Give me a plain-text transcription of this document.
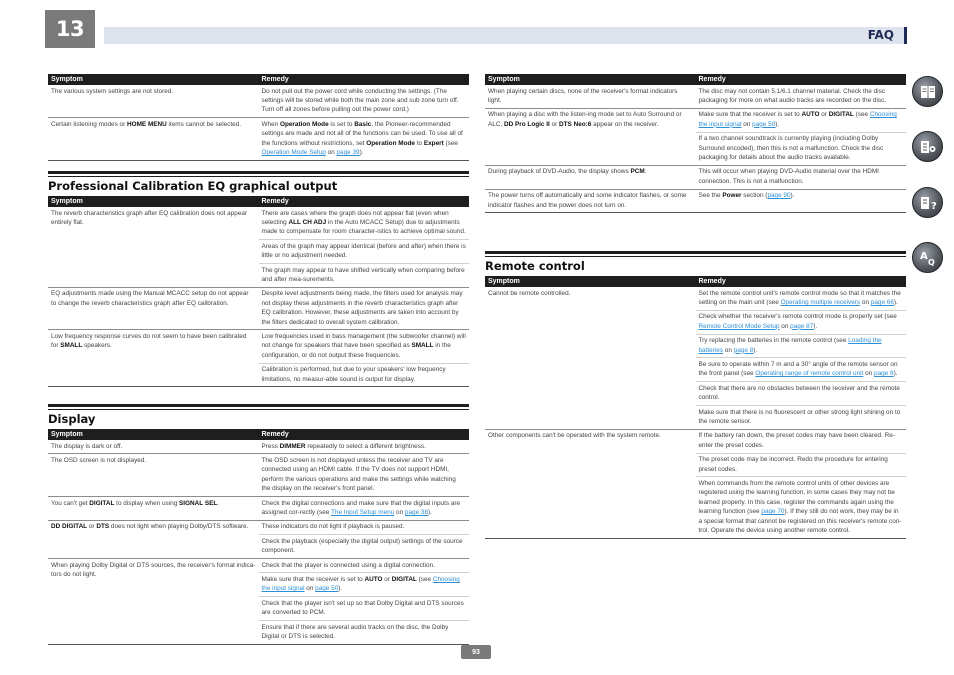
13	FAQ
Symptom	Remedy
The various system settings are not stored.	Do not pull out the power cord while conducting the settings. (The settings will be stored while both the main zone and sub zone turn off. Turn off all zones before pulling out the power cord.)
Certain listening modes or HOME MENU items cannot be selected.	When Operation Mode is set to Basic, the Pioneer-recommended settings are made and not all of the functions can be used. To use all of the functions without restrictions, set Operation Mode to Expert (see Operation Mode Setup on page 39).
Professional Calibration EQ graphical output
Symptom	Remedy
The reverb characteristics graph after EQ calibration does not appear entirely flat.	There are cases where the graph does not appear flat (even when selecting ALL CH ADJ in the Auto MCACC Setup) due to adjustments made to compensate for room character-istics to achieve optimal sound.
	Areas of the graph may appear identical (before and after) when there is little or no adjustment needed.
	The graph may appear to have shifted vertically when comparing before and after mea-surements.
EQ adjustments made using the Manual MCACC setup do not appear to change the reverb characteristics graph after EQ calibration.	Despite level adjustments being made, the filters used for analysis may not display these adjustments in the reverb characteristics graph after EQ calibration. However, these adjustments are taken into account by the filters dedicated to overall system calibration.
Low frequency response curves do not seem to have been calibrated for SMALL speakers.	Low frequencies used in bass management (the subwoofer channel) will not change for speakers that have been specified as SMALL in the configuration, or do not output these frequencies.
	Calibration is performed, but due to your speakers' low frequency limitations, no measur-able sound is output for display.
Display
Symptom	Remedy
The display is dark or off.	Press DIMMER repeatedly to select a different brightness.
The OSD screen is not displayed.	The OSD screen is not displayed unless the receiver and TV are connected using an HDMI cable. If the TV does not support HDMI, perform the various operations and make the settings while watching the display on the receiver's front panel.
You can't get DIGITAL to display when using SIGNAL SEL.	Check the digital connections and make sure that the digital inputs are assigned cor-rectly (see The Input Setup menu on page 38).
DD DIGITAL or DTS does not light when playing Dolby/DTS software.	These indicators do not light if playback is paused.
	Check the playback (especially the digital output) settings of the source component.
When playing Dolby Digital or DTS sources, the receiver's format indica-tors do not light.	Check that the player is connected using a digital connection.
	Make sure that the receiver is set to AUTO or DIGITAL (see Choosing the input signal on page 50).
	Check that the player isn't set up so that Dolby Digital and DTS sources are converted to PCM.
	Ensure that if there are several audio tracks on the disc, the Dolby Digital or DTS is selected.
Symptom	Remedy
When playing certain discs, none of the receiver's format indicators light.	The disc may not contain 5.1/6.1 channel material. Check the disc packaging for more on what audio tracks are recorded on the disc.
When playing a disc with the listen-ing mode set to Auto Surround or ALC, DD Pro Logic II or DTS Neo:6 appear on the receiver.	Make sure that the receiver is set to AUTO or DIGITAL (see Choosing the input signal on page 50).
	If a two channel soundtrack is currently playing (including Dolby Surround encoded), then this is not a malfunction. Check the disc packaging for details about the audio tracks available.
During playback of DVD-Audio, the display shows PCM.	This will occur when playing DVD-Audio material over the HDMI connection. This is not a malfunction.
The power turns off automatically and some indicator flashes, or some indicator flashes and the power does not turn on.	See the Power section (page 90).
Remote control
Symptom	Remedy
Cannot be remote controlled.	Set the remote control unit's remote control mode so that it matches the setting on the main unit (see Operating multiple receivers on page 66).
	Check whether the receiver's remote control mode is properly set (see Remote Control Mode Setup on page 87).
	Try replacing the batteries in the remote control (see Loading the batteries on page 8).
	Be sure to operate within 7 m and a 30° angle of the remote sensor on the front panel (see Operating range of remote control unit on page 8).
	Check that there are no obstacles between the receiver and the remote control.
	Make sure that there is no fluorescent or other strong light shining on to the remote sensor.
Other components can't be operated with the system remote.	If the battery ran down, the preset codes may have been cleared. Re-enter the preset codes.
	The preset code may be incorrect. Redo the procedure for entering preset codes.
	When commands from the remote control units of other devices are registered using the learning function, in some cases they may not be learned properly. In this case, register the commands again using the learning function (see page 70). If they still do not work, they may be in a special format that cannot be registered on this receiver's remote con-trol. Operate the device using another remote control.
?
A
Q
93
